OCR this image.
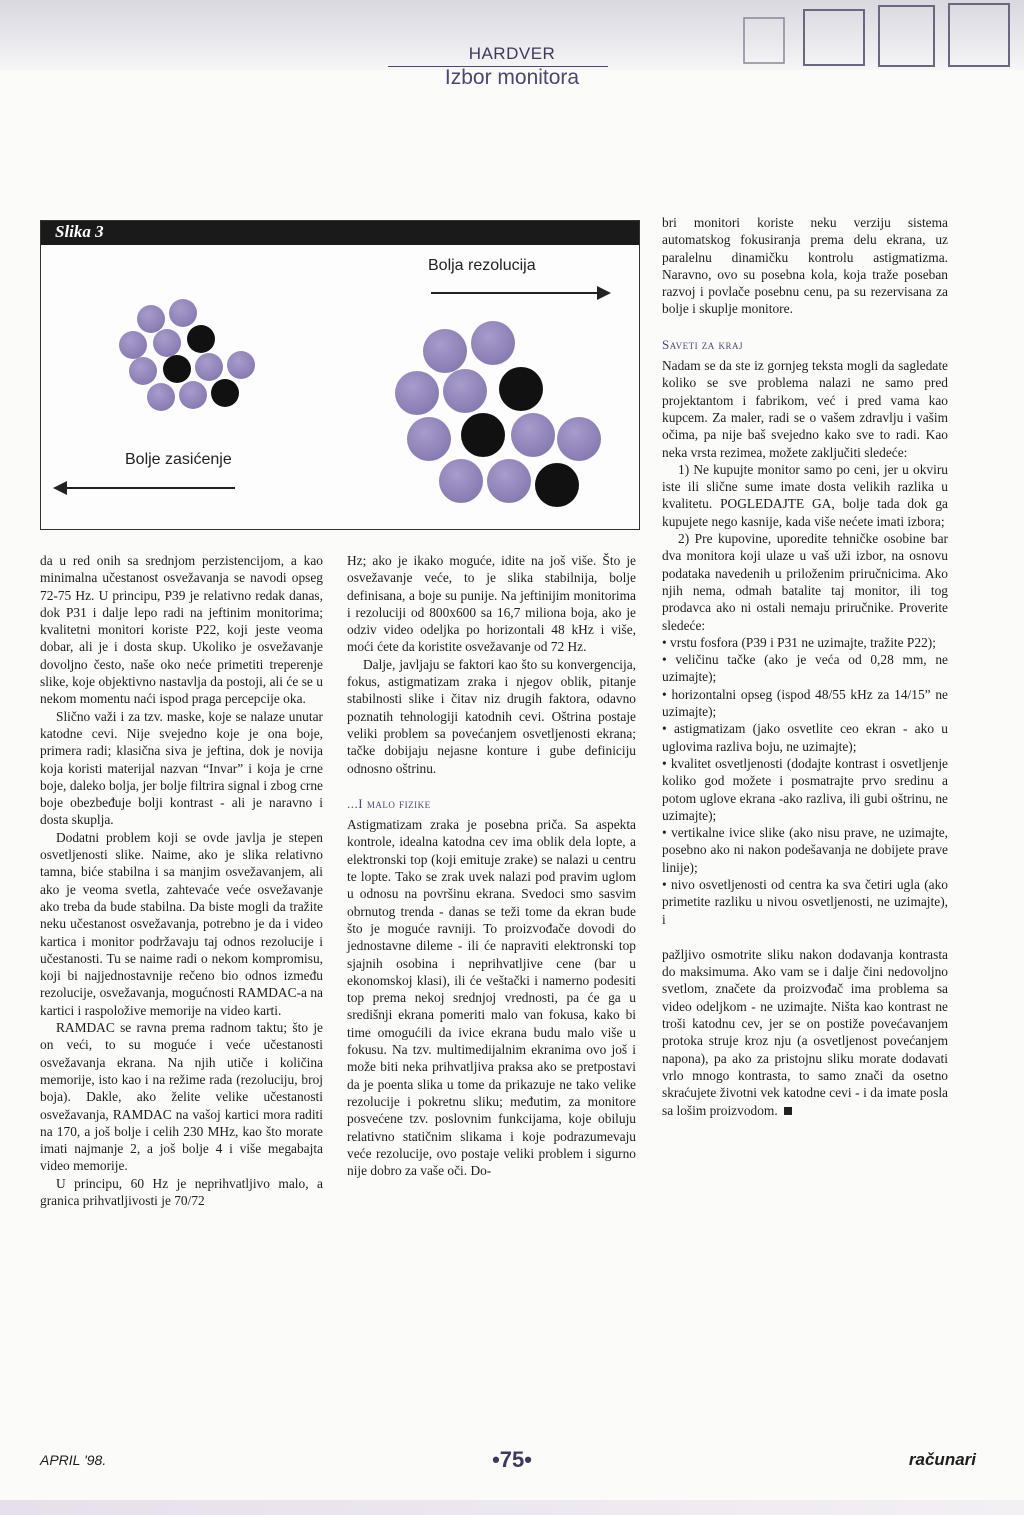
HARDVER
Izbor monitora
Slika 3
Bolja rezolucija
Bolje zasićenje

da u red onih sa srednjom perzistencijom, a kao minimalna učestanost osvežavanja se navodi opseg 72-75 Hz. U principu, P39 je relativno redak danas, dok P31 i dalje lepo radi na jeftinim monitorima; kvalitetni monitori koriste P22, koji jeste veoma dobar, ali je i dosta skup. Ukoliko je osvežavanje dovoljno često, naše oko neće primetiti treperenje slike, koje objektivno nastavlja da postoji, ali će se u nekom momentu naći ispod praga percepcije oka.

Slično važi i za tzv. maske, koje se nalaze unutar katodne cevi. Nije svejedno koje je ona boje, primera radi; klasična siva je jeftina, dok je novija koja koristi materijal nazvan “Invar” i koja je crne boje, daleko bolja, jer bolje filtrira signal i zbog crne boje obezbeđuje bolji kontrast - ali je naravno i dosta skuplja.

Dodatni problem koji se ovde javlja je stepen osvetljenosti slike. Naime, ako je slika relativno tamna, biće stabilna i sa manjim osvežavanjem, ali ako je veoma svetla, zahtevaće veće osvežavanje ako treba da bude stabilna. Da biste mogli da tražite neku učestanost osvežavanja, potrebno je da i video kartica i monitor podržavaju taj odnos rezolucije i učestanosti. Tu se naime radi o nekom kompromisu, koji bi najjednostavnije rečeno bio odnos između rezolucije, osvežavanja, mogućnosti RAMDAC-a na kartici i raspoložive memorije na video karti.

RAMDAC se ravna prema radnom taktu; što je on veći, to su moguće i veće učestanosti osvežavanja ekrana. Na njih utiče i količina memorije, isto kao i na režime rada (rezoluciju, broj boja). Dakle, ako želite velike učestanosti osvežavanja, RAMDAC na vašoj kartici mora raditi na 170, a još bolje i celih 230 MHz, kao što morate imati najmanje 2, a još bolje 4 i više megabajta video memorije.

U principu, 60 Hz je neprihvatljivo malo, a granica prihvatljivosti je 70/72

Hz; ako je ikako moguće, idite na još više. Što je osvežavanje veće, to je slika stabilnija, bolje definisana, a boje su punije. Na jeftinijim monitorima i rezoluciji od 800x600 sa 16,7 miliona boja, ako je odziv video odeljka po horizontali 48 kHz i više, moći ćete da koristite osvežavanje od 72 Hz.

Dalje, javljaju se faktori kao što su konvergencija, fokus, astigmatizam zraka i njegov oblik, pitanje stabilnosti slike i čitav niz drugih faktora, odavno poznatih tehnologiji katodnih cevi. Oštrina postaje veliki problem sa povećanjem osvetljenosti ekrana; tačke dobijaju nejasne konture i gube definiciju odnosno oštrinu.

...I malo fizike

Astigmatizam zraka je posebna priča. Sa aspekta kontrole, idealna katodna cev ima oblik dela lopte, a elektronski top (koji emituje zrake) se nalazi u centru te lopte. Tako se zrak uvek nalazi pod pravim uglom u odnosu na površinu ekrana. Svedoci smo sasvim obrnutog trenda - danas se teži tome da ekran bude što je moguće ravniji. To proizvođače dovodi do jednostavne dileme - ili će napraviti elektronski top sjajnih osobina i neprihvatljive cene (bar u ekonomskoj klasi), ili će veštački i namerno podesiti top prema nekoj srednjoj vrednosti, pa će ga u središnji ekrana pomeriti malo van fokusa, kako bi time omogućili da ivice ekrana budu malo više u fokusu. Na tzv. multimedijalnim ekranima ovo još i može biti neka prihvatljiva praksa ako se pretpostavi da je poenta slika u tome da prikazuje ne tako velike rezolucije i pokretnu sliku; međutim, za monitore posvećene tzv. poslovnim funkcijama, koje obiluju relativno statičnim slikama i koje podrazumevaju veće rezolucije, ovo postaje veliki problem i sigurno nije dobro za vaše oči. Do-

bri monitori koriste neku verziju sistema automatskog fokusiranja prema delu ekrana, uz paralelnu dinamičku kontrolu astigmatizma. Naravno, ovo su posebna kola, koja traže poseban razvoj i povlače posebnu cenu, pa su rezervisana za bolje i skuplje monitore.

Saveti za kraj

Nadam se da ste iz gornjeg teksta mogli da sagledate koliko se sve problema nalazi ne samo pred projektantom i fabrikom, već i pred vama kao kupcem. Za maler, radi se o vašem zdravlju i vašim očima, pa nije baš svejedno kako sve to radi. Kao neka vrsta rezimea, možete zaključiti sledeće:

1) Ne kupujte monitor samo po ceni, jer u okviru iste ili slične sume imate dosta velikih razlika u kvalitetu. POGLEDAJTE GA, bolje tada dok ga kupujete nego kasnije, kada više nećete imati izbora;

2) Pre kupovine, uporedite tehničke osobine bar dva monitora koji ulaze u vaš uži izbor, na osnovu podataka navedenih u priloženim priručnicima. Ako njih nema, odmah batalite taj monitor, ili tog prodavca ako ni ostali nemaju priručnike. Proverite sledeće:

• vrstu fosfora (P39 i P31 ne uzimajte, tražite P22);

• veličinu tačke (ako je veća od 0,28 mm, ne uzimajte);

• horizontalni opseg (ispod 48/55 kHz za 14/15” ne uzimajte);

• astigmatizam (jako osvetlite ceo ekran - ako u uglovima razliva boju, ne uzimajte);

• kvalitet osvetljenosti (dodajte kontrast i osvetljenje koliko god možete i posmatrajte prvo sredinu a potom uglove ekrana -ako razliva, ili gubi oštrinu, ne uzimajte);

• vertikalne ivice slike (ako nisu prave, ne uzimajte, posebno ako ni nakon podešavanja ne dobijete prave linije);

• nivo osvetljenosti od centra ka sva četiri ugla (ako primetite razliku u nivou osvetljenosti, ne uzimajte), i

pažljivo osmotrite sliku nakon dodavanja kontrasta do maksimuma. Ako vam se i dalje čini nedovoljno svetlom, značete da proizvođač ima problema sa video odeljkom - ne uzimajte. Ništa kao kontrast ne troši katodnu cev, jer se on postiže povećavanjem protoka struje kroz nju (a osvetljenost povećanjem napona), pa ako za pristojnu sliku morate dodavati vrlo mnogo kontrasta, to samo znači da osetno skraćujete životni vek katodne cevi - i da imate posla sa lošim proizvodom.

APRIL '98.	•75•	računari
